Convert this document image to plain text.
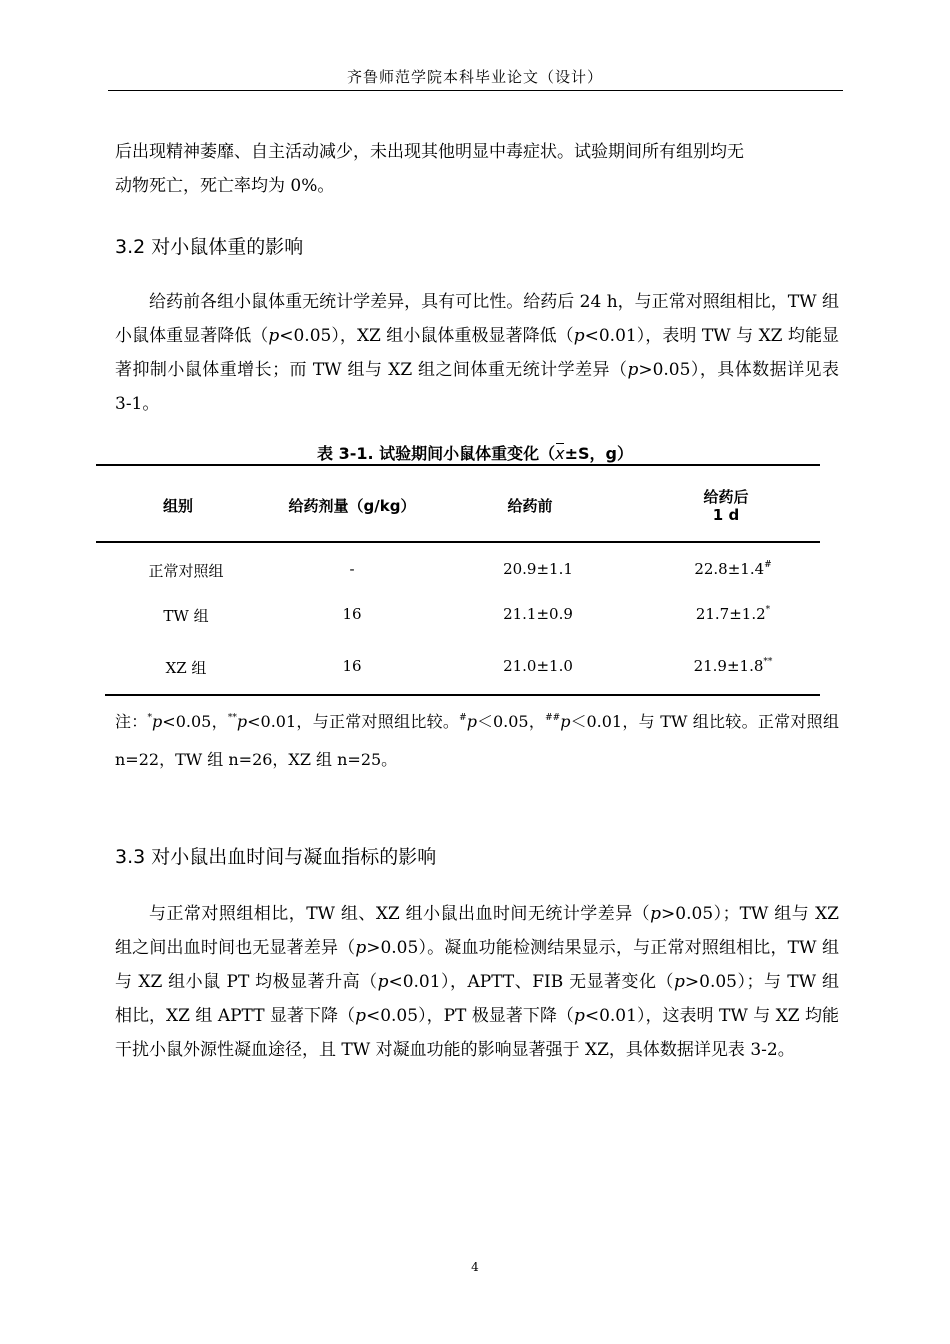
齐鲁师范学院本科毕业论文（设计）
后出现精神萎靡、自主活动减少，未出现其他明显中毒症状。试验期间所有组别均无
动物死亡，死亡率均为 0%。
3.2 对小鼠体重的影响
给药前各组小鼠体重无统计学差异，具有可比性。给药后 24 h，与正常对照组相比，TW 组小鼠体重显著降低（p<0.05），XZ 组小鼠体重极显著降低（p<0.01），表明 TW 与 XZ 均能显著抑制小鼠体重增长；而 TW 组与 XZ 组之间体重无统计学差异（p>0.05），具体数据详见表 3-1。
表 3-1. 试验期间小鼠体重变化（x±S，g）
组别	给药剂量（g/kg）	给药前	给药后
1 d
正常对照组	-	20.9±1.1	22.8±1.4#
TW 组	16	21.1±0.9	21.7±1.2*
XZ 组	16	21.0±1.0	21.9±1.8**
注：*p<0.05，**p<0.01，与正常对照组比较。#p＜0.05，##p＜0.01，与 TW 组比较。正常对照组 n=22，TW 组 n=26，XZ 组 n=25。
3.3 对小鼠出血时间与凝血指标的影响
与正常对照组相比，TW 组、XZ 组小鼠出血时间无统计学差异（p>0.05）；TW 组与 XZ 组之间出血时间也无显著差异（p>0.05）。凝血功能检测结果显示，与正常对照组相比，TW 组与 XZ 组小鼠 PT 均极显著升高（p<0.01），APTT、FIB 无显著变化（p>0.05）；与 TW 组相比，XZ 组 APTT 显著下降（p<0.05），PT 极显著下降（p<0.01），这表明 TW 与 XZ 均能干扰小鼠外源性凝血途径，且 TW 对凝血功能的影响显著强于 XZ，具体数据详见表 3-2。
4
